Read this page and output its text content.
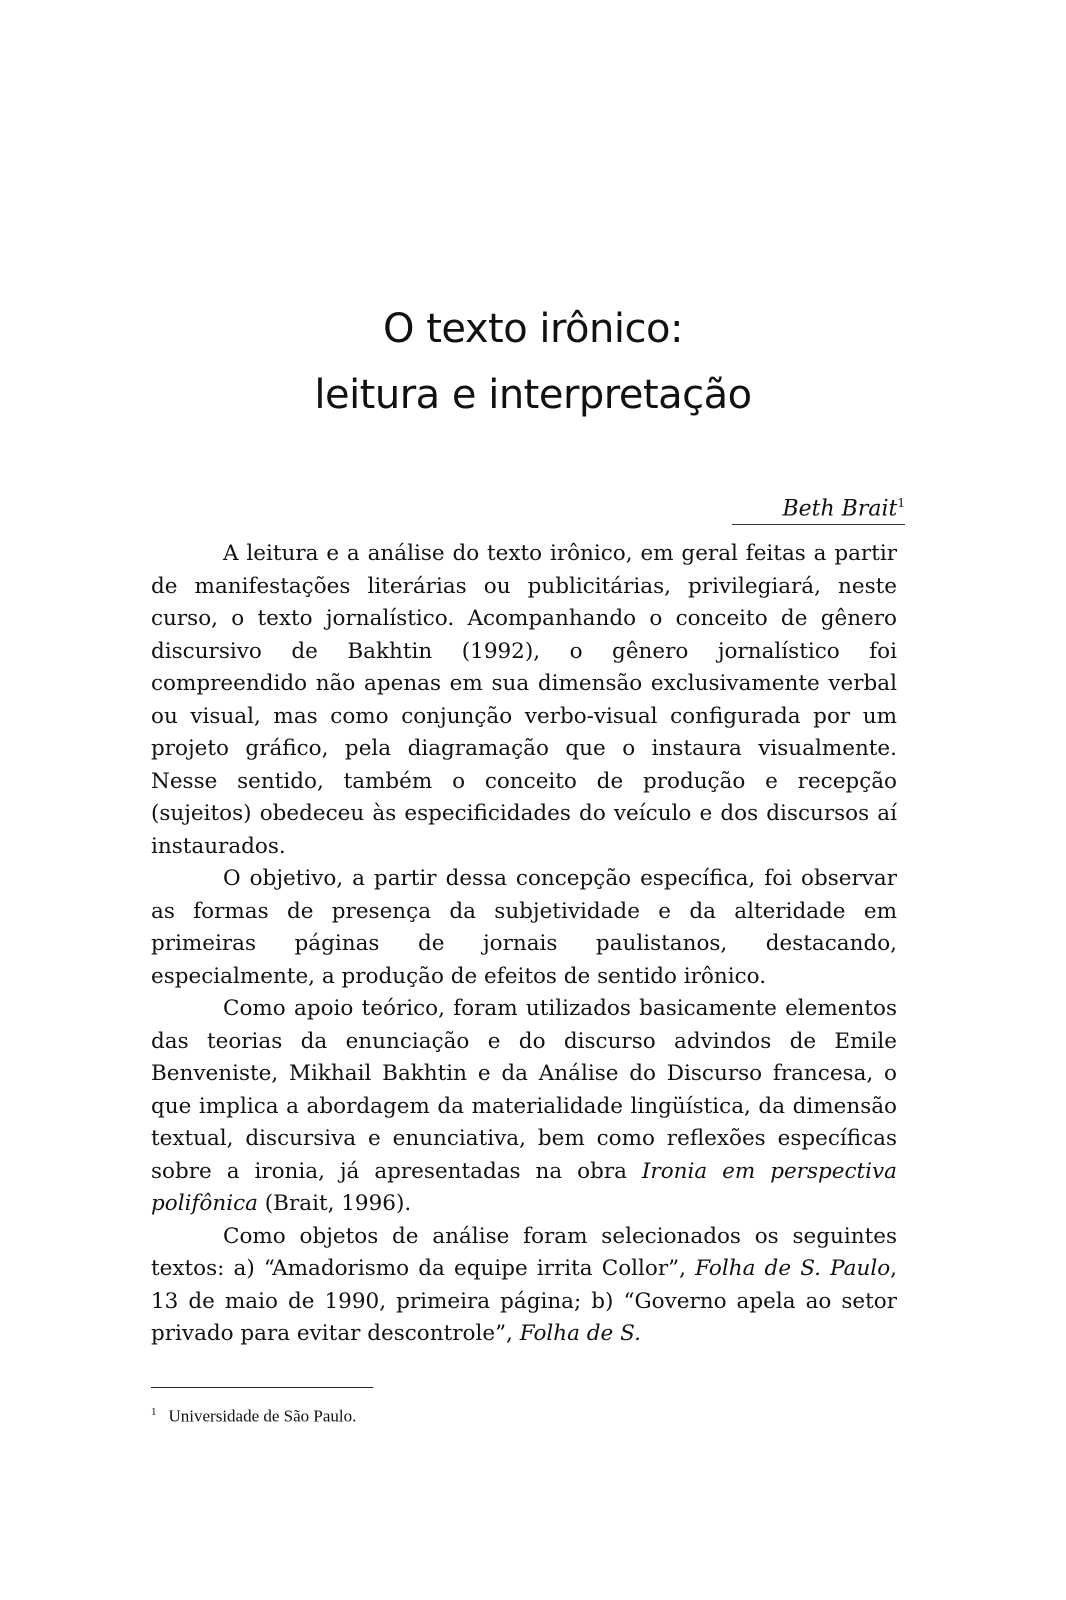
O texto irônico:
leitura e interpretação
Beth Brait$^1$

A leitura e a análise do texto irônico, em geral feitas a partir de manifestações literárias ou publicitárias, privilegiará, neste curso, o texto jornalístico. Acompanhando o conceito de gênero discursivo de Bakhtin (1992), o gênero jornalístico foi compreendido não apenas em sua dimensão exclusivamente verbal ou visual, mas como conjunção verbo-visual configurada por um projeto gráfico, pela diagramação que o instaura visualmente. Nesse sentido, também o conceito de produção e recepção (sujeitos) obedeceu às especificidades do veículo e dos discursos aí instaurados.

O objetivo, a partir dessa concepção específica, foi observar as formas de presença da subjetividade e da alteridade em primeiras páginas de jornais paulistanos, destacando, especialmente, a produção de efeitos de sentido irônico.

Como apoio teórico, foram utilizados basicamente elementos das teorias da enunciação e do discurso advindos de Emile Benveniste, Mikhail Bakhtin e da Análise do Discurso francesa, o que implica a abordagem da materialidade lingüística, da dimensão textual, discursiva e enunciativa, bem como reflexões específicas sobre a ironia, já apresentadas na obra Ironia em perspectiva polifônica (Brait, 1996).

Como objetos de análise foram selecionados os seguintes textos: a) “Amadorismo da equipe irrita Collor”, Folha de S. Paulo, 13 de maio de 1990, primeira página; b) “Governo apela ao setor privado para evitar descontrole”, Folha de S.

$^1$ Universidade de São Paulo.
